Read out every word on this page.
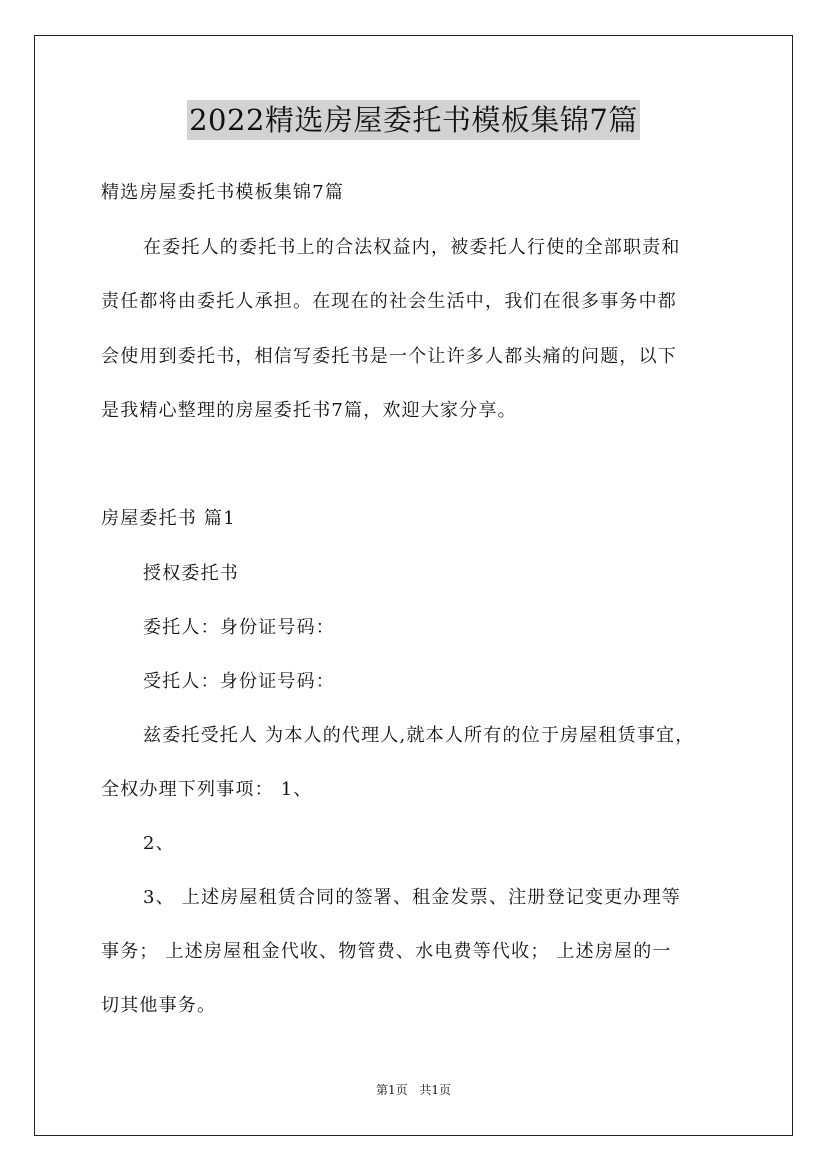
2022精选房屋委托书模板集锦7篇
精选房屋委托书模板集锦7篇
在委托人的委托书上的合法权益内，被委托人行使的全部职责和
责任都将由委托人承担。在现在的社会生活中，我们在很多事务中都
会使用到委托书，相信写委托书是一个让许多人都头痛的问题，以下
是我精心整理的房屋委托书7篇，欢迎大家分享。
房屋委托书 篇1
授权委托书
委托人：身份证号码：
受托人：身份证号码：
兹委托受托人 为本人的代理人,就本人所有的位于房屋租赁事宜，
全权办理下列事项： 1、
2、
3、 上述房屋租赁合同的签署、租金发票、注册登记变更办理等
事务； 上述房屋租金代收、物管费、水电费等代收； 上述房屋的一
切其他事务。
第1页 共1页
